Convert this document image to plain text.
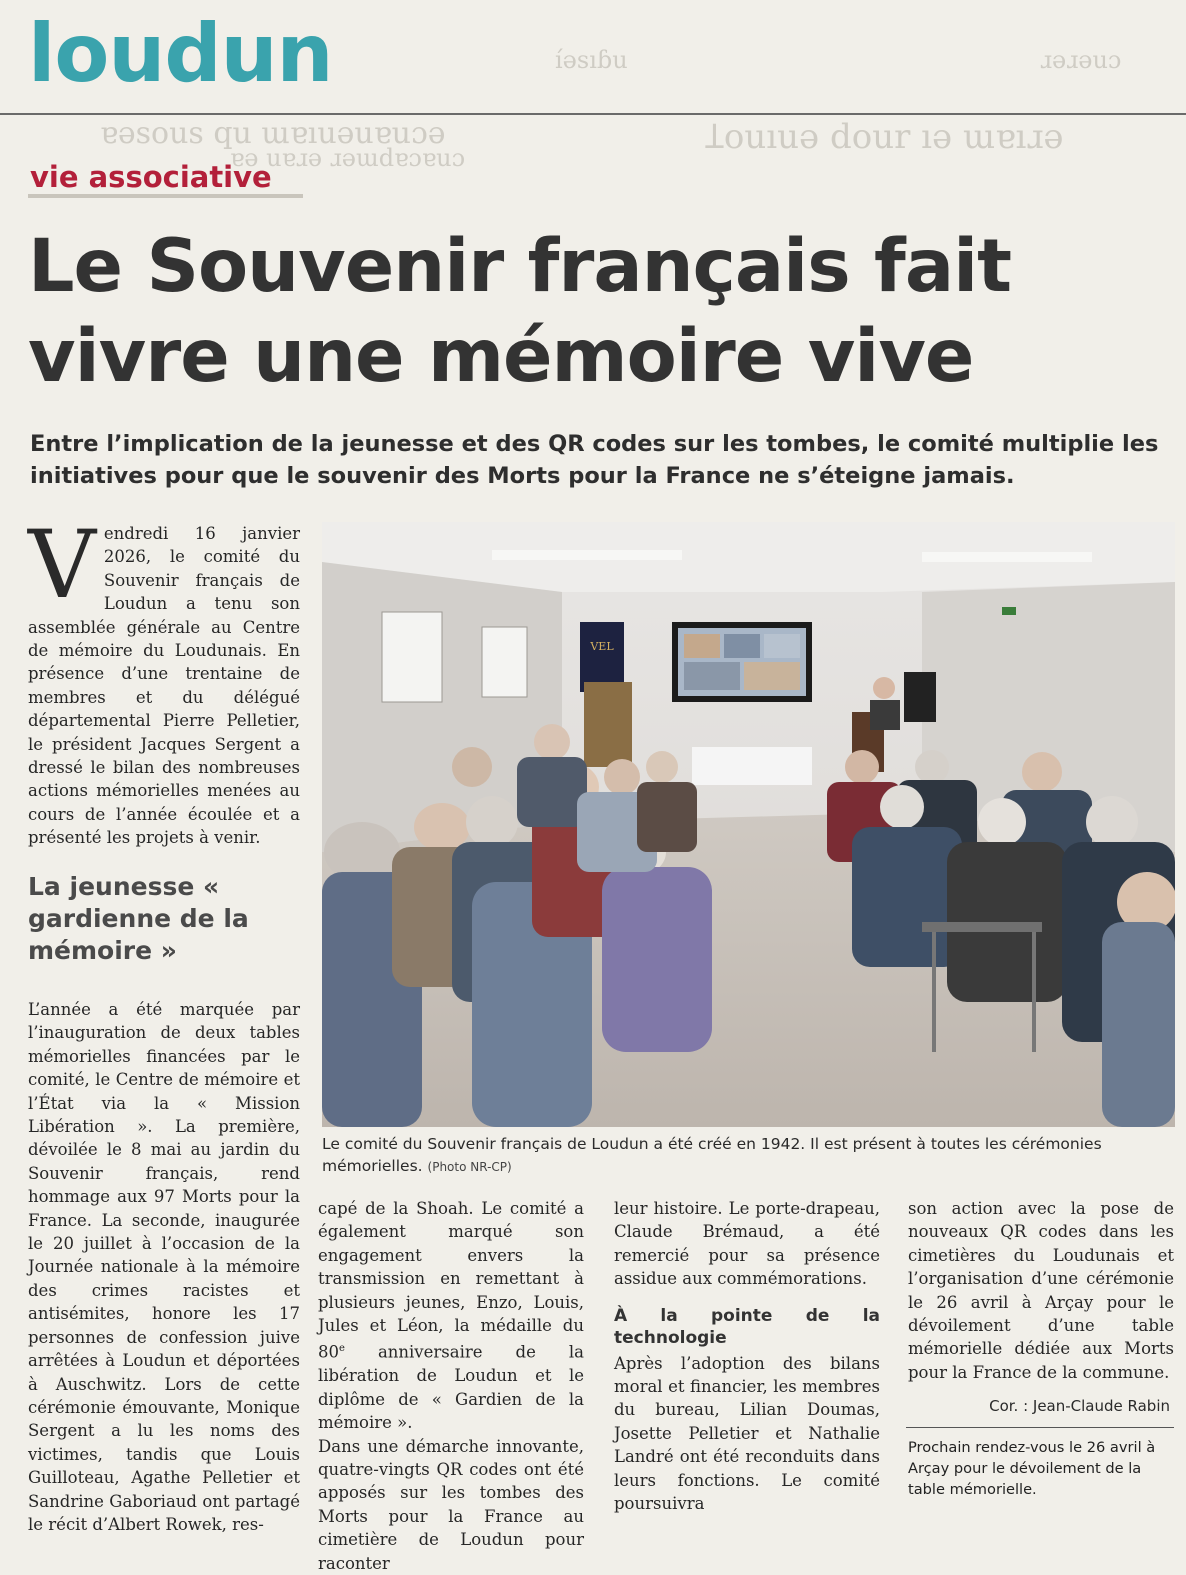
ı́əsıɓu
Ʇouıuə dour ıə ɯɐıɹə
ɐəsous qu ɯɐıuəuɐuɔə
ɐə uɐɹə ɹəɯdɐɔɐuɔ
ɹəɹəuɔ
loudun
vie associative
Le Souvenir français fait vivre une mémoire vive
Entre l’implication de la jeunesse et des QR codes sur les tombes, le comité multiplie les initiatives pour que le souvenir des Morts pour la France ne s’éteigne jamais.
V endredi 16 janvier 2026, le comité du Souvenir français de Loudun a tenu son assemblée générale au Centre de mémoire du Loudunais. En présence d’une trentaine de membres et du délégué départemental Pierre Pelletier, le président Jacques Sergent a dressé le bilan des nombreuses actions mémorielles menées au cours de l’année écoulée et a présenté les projets à venir.
La jeunesse « gardienne de la mémoire »

L’année a été marquée par l’inauguration de deux tables mémorielles financées par le comité, le Centre de mémoire et l’État via la « Mission Libération ». La première, dévoilée le 8 mai au jardin du Souvenir français, rend hommage aux 97 Morts pour la France. La seconde, inaugurée le 20 juillet à l’occasion de la Journée nationale à la mémoire des crimes racistes et antisémites, honore les 17 personnes de confession juive arrêtées à Loudun et déportées à Auschwitz. Lors de cette cérémonie émouvante, Monique Sergent a lu les noms des victimes, tandis que Louis Guilloteau, Agathe Pelletier et Sandrine Gaboriaud ont partagé le récit d’Albert Rowek, res-

VEL
Le comité du Souvenir français de Loudun a été créé en 1942. Il est présent à toutes les cérémonies mémorielles. (Photo NR-CP)

capé de la Shoah. Le comité a également marqué son engagement envers la transmission en remettant à plusieurs jeunes, Enzo, Louis, Jules et Léon, la médaille du 80e anniversaire de la libération de Loudun et le diplôme de « Gardien de la mémoire ».

Dans une démarche innovante, quatre-vingts QR codes ont été apposés sur les tombes des Morts pour la France au cimetière de Loudun pour raconter

leur histoire. Le porte-drapeau, Claude Brémaud, a été remercié pour sa présence assidue aux commémorations.

À la pointe de la technologie

Après l’adoption des bilans moral et financier, les membres du bureau, Lilian Doumas, Josette Pelletier et Nathalie Landré ont été reconduits dans leurs fonctions. Le comité poursuivra

son action avec la pose de nouveaux QR codes dans les cimetières du Loudunais et l’organisation d’une cérémonie le 26 avril à Arçay pour le dévoilement d’une table mémorielle dédiée aux Morts pour la France de la commune.

Cor. : Jean-Claude Rabin
Prochain rendez-vous le 26 avril à Arçay pour le dévoilement de la table mémorielle.
